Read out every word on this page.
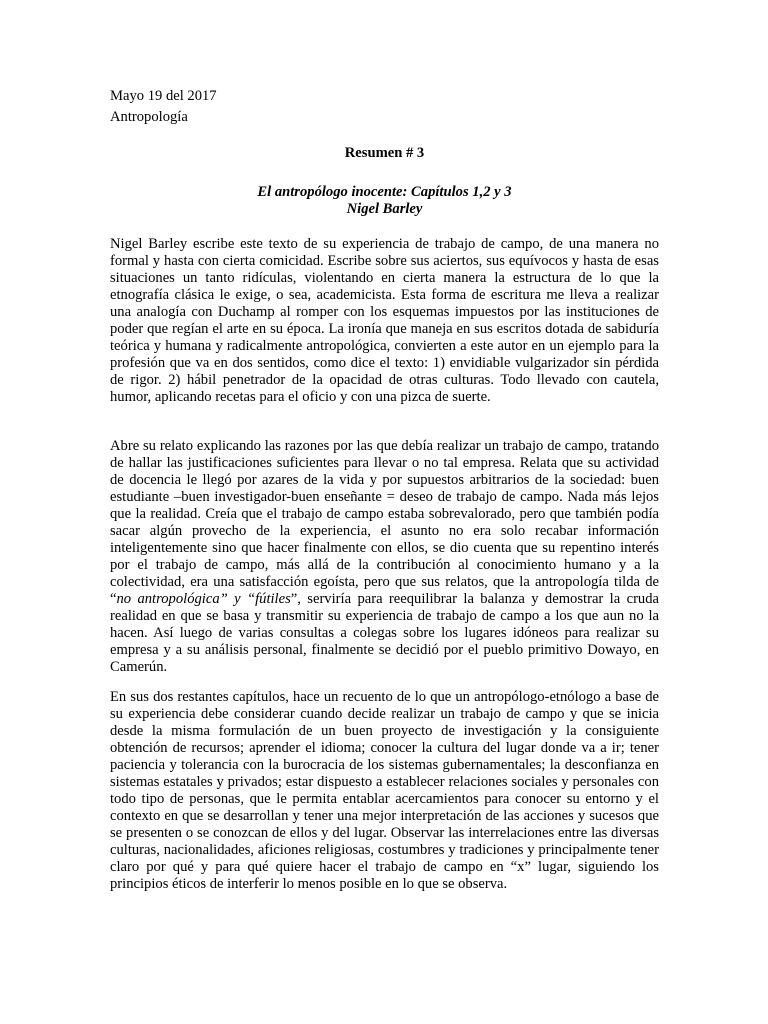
Mayo 19 del 2017
Antropología
Resumen # 3
El antropólogo inocente: Capítulos 1,2 y 3
Nigel Barley

Nigel Barley escribe este texto de su experiencia de trabajo de campo, de una manera no formal y hasta con cierta comicidad. Escribe sobre sus aciertos, sus equívocos y hasta de esas situaciones un tanto ridículas, violentando en cierta manera la estructura de lo que la etnografía clásica le exige, o sea, academicista. Esta forma de escritura me lleva a realizar una analogía con Duchamp al romper con los esquemas impuestos por las instituciones de poder que regían el arte en su época. La ironía que maneja en sus escritos dotada de sabiduría teórica y humana y radicalmente antropológica, convierten a este autor en un ejemplo para la profesión que va en dos sentidos, como dice el texto: 1) envidiable vulgarizador sin pérdida de rigor. 2) hábil penetrador de la opacidad de otras culturas. Todo llevado con cautela, humor, aplicando recetas para el oficio y con una pizca de suerte.

Abre su relato explicando las razones por las que debía realizar un trabajo de campo, tratando de hallar las justificaciones suficientes para llevar o no tal empresa. Relata que su actividad de docencia le llegó por azares de la vida y por supuestos arbitrarios de la sociedad: buen estudiante –buen investigador-buen enseñante = deseo de trabajo de campo. Nada más lejos que la realidad. Creía que el trabajo de campo estaba sobrevalorado, pero que también podía sacar algún provecho de la experiencia, el asunto no era solo recabar información inteligentemente sino que hacer finalmente con ellos, se dio cuenta que su repentino interés por el trabajo de campo, más allá de la contribución al conocimiento humano y a la colectividad, era una satisfacción egoísta, pero que sus relatos, que la antropología tilda de “no antropológica” y “fútiles”, serviría para reequilibrar la balanza y demostrar la cruda realidad en que se basa y transmitir su experiencia de trabajo de campo a los que aun no la hacen. Así luego de varias consultas a colegas sobre los lugares idóneos para realizar su empresa y a su análisis personal, finalmente se decidió por el pueblo primitivo Dowayo, en Camerún.

En sus dos restantes capítulos, hace un recuento de lo que un antropólogo-etnólogo a base de su experiencia debe considerar cuando decide realizar un trabajo de campo y que se inicia desde la misma formulación de un buen proyecto de investigación y la consiguiente obtención de recursos; aprender el idioma; conocer la cultura del lugar donde va a ir; tener paciencia y tolerancia con la burocracia de los sistemas gubernamentales; la desconfianza en sistemas estatales y privados; estar dispuesto a establecer relaciones sociales y personales con todo tipo de personas, que le permita entablar acercamientos para conocer su entorno y el contexto en que se desarrollan y tener una mejor interpretación de las acciones y sucesos que se presenten o se conozcan de ellos y del lugar. Observar las interrelaciones entre las diversas culturas, nacionalidades, aficiones religiosas, costumbres y tradiciones y principalmente tener claro por qué y para qué quiere hacer el trabajo de campo en “x” lugar, siguiendo los principios éticos de interferir lo menos posible en lo que se observa.
